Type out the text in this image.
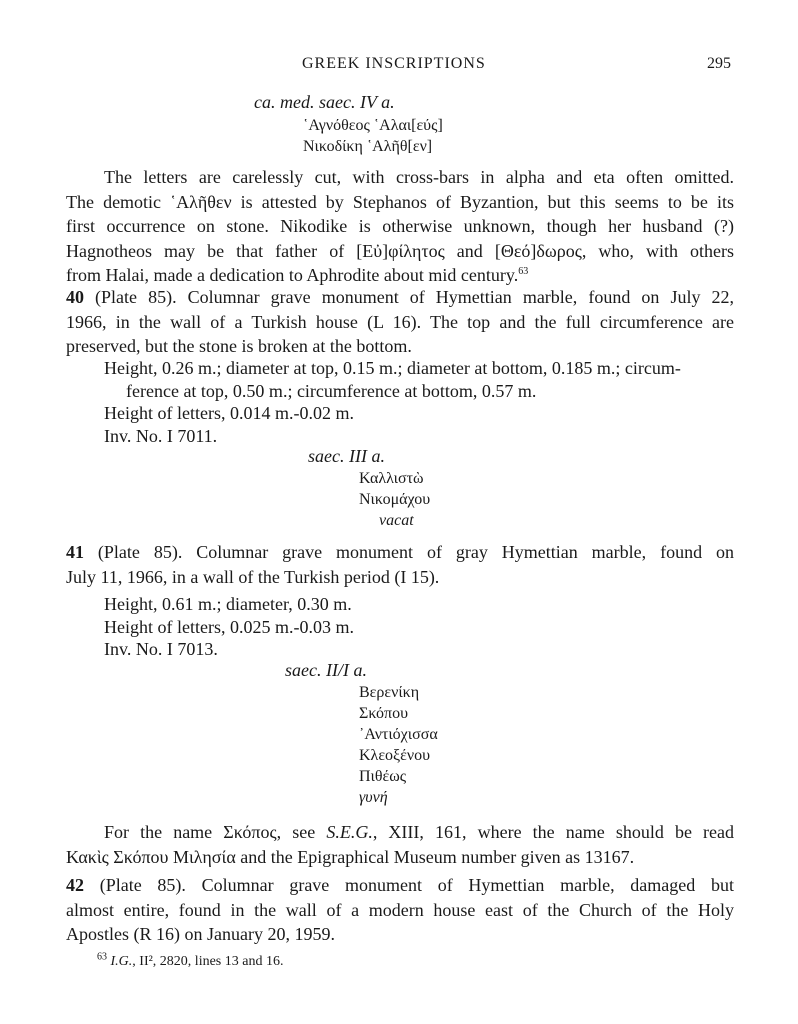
GREEK INSCRIPTIONS	295
ca. med. saec. IV a.
῾Αγνόθεος ῾Αλαι[εύς]
Νικοδίκη ῾Αλῆθ[εν]
The letters are carelessly cut, with cross-bars in alpha and eta often omitted.
The demotic ῾Αλῆθεν is attested by Stephanos of Byzantion, but this seems to be its
first occurrence on stone. Nikodike is otherwise unknown, though her husband (?)
Hagnotheos may be that father of [Εὐ]φίλητος and [Θεό]δωρος, who, with others
from Halai, made a dedication to Aphrodite about mid century.$^{63}$
40 (Plate 85). Columnar grave monument of Hymettian marble, found on July 22,
1966, in the wall of a Turkish house (L 16). The top and the full circumference are
preserved, but the stone is broken at the bottom.
Height, 0.26 m.; diameter at top, 0.15 m.; diameter at bottom, 0.185 m.; circum-
ference at top, 0.50 m.; circumference at bottom, 0.57 m.
Height of letters, 0.014 m.-0.02 m.
Inv. No. I 7011.
saec. III a.
Καλλιστὼ
Νικομάχου
vacat
41 (Plate 85). Columnar grave monument of gray Hymettian marble, found on
July 11, 1966, in a wall of the Turkish period (I 15).
Height, 0.61 m.; diameter, 0.30 m.
Height of letters, 0.025 m.-0.03 m.
Inv. No. I 7013.
saec. II/I a.
Βερενίκη
Σκόπου
᾿Αντιόχισσα
Κλεοξένου
Πιθέως
γυνή
For the name Σκόπος, see S.E.G., XIII, 161, where the name should be read
Κακὶς Σκόπου Μιλησία and the Epigraphical Museum number given as 13167.
42 (Plate 85). Columnar grave monument of Hymettian marble, damaged but
almost entire, found in the wall of a modern house east of the Church of the Holy
Apostles (R 16) on January 20, 1959.
$^{63}$ I.G., II², 2820, lines 13 and 16.
